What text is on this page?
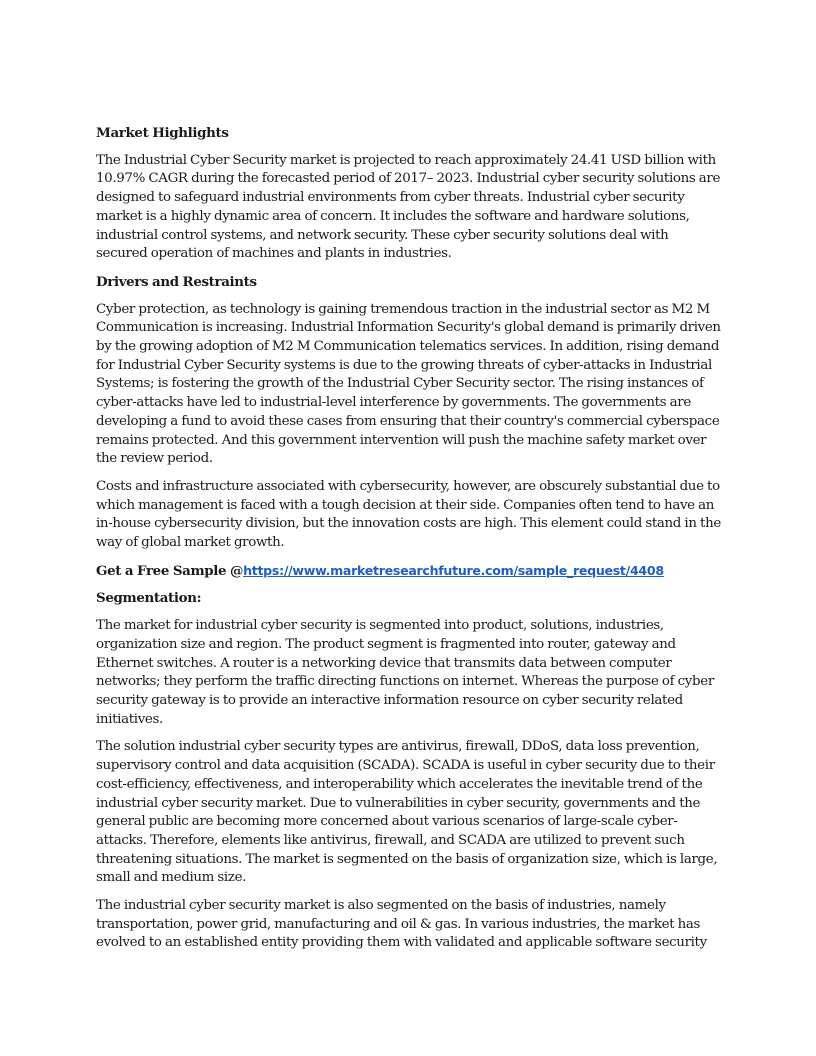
Market Highlights

The Industrial Cyber Security market is projected to reach approximately 24.41 USD billion with 10.97% CAGR during the forecasted period of 2017– 2023. Industrial cyber security solutions are designed to safeguard industrial environments from cyber threats. Industrial cyber security market is a highly dynamic area of concern. It includes the software and hardware solutions, industrial control systems, and network security. These cyber security solutions deal with secured operation of machines and plants in industries.

Drivers and Restraints

Cyber protection, as technology is gaining tremendous traction in the industrial sector as M2 M Communication is increasing. Industrial Information Security's global demand is primarily driven by the growing adoption of M2 M Communication telematics services. In addition, rising demand for Industrial Cyber Security systems is due to the growing threats of cyber-attacks in Industrial Systems; is fostering the growth of the Industrial Cyber Security sector. The rising instances of cyber-attacks have led to industrial-level interference by governments. The governments are developing a fund to avoid these cases from ensuring that their country's commercial cyberspace remains protected. And this government intervention will push the machine safety market over the review period.

Costs and infrastructure associated with cybersecurity, however, are obscurely substantial due to which management is faced with a tough decision at their side. Companies often tend to have an in-house cybersecurity division, but the innovation costs are high. This element could stand in the way of global market growth.

Get a Free Sample @https://www.marketresearchfuture.com/sample_request/4408
Segmentation:

The market for industrial cyber security is segmented into product, solutions, industries, organization size and region. The product segment is fragmented into router, gateway and Ethernet switches. A router is a networking device that transmits data between computer networks; they perform the traffic directing functions on internet. Whereas the purpose of cyber security gateway is to provide an interactive information resource on cyber security related initiatives.

The solution industrial cyber security types are antivirus, firewall, DDoS, data loss prevention, supervisory control and data acquisition (SCADA). SCADA is useful in cyber security due to their cost-efficiency, effectiveness, and interoperability which accelerates the inevitable trend of the industrial cyber security market. Due to vulnerabilities in cyber security, governments and the general public are becoming more concerned about various scenarios of large-scale cyber-attacks. Therefore, elements like antivirus, firewall, and SCADA are utilized to prevent such threatening situations. The market is segmented on the basis of organization size, which is large, small and medium size.

The industrial cyber security market is also segmented on the basis of industries, namely transportation, power grid, manufacturing and oil & gas. In various industries, the market has evolved to an established entity providing them with validated and applicable software security
